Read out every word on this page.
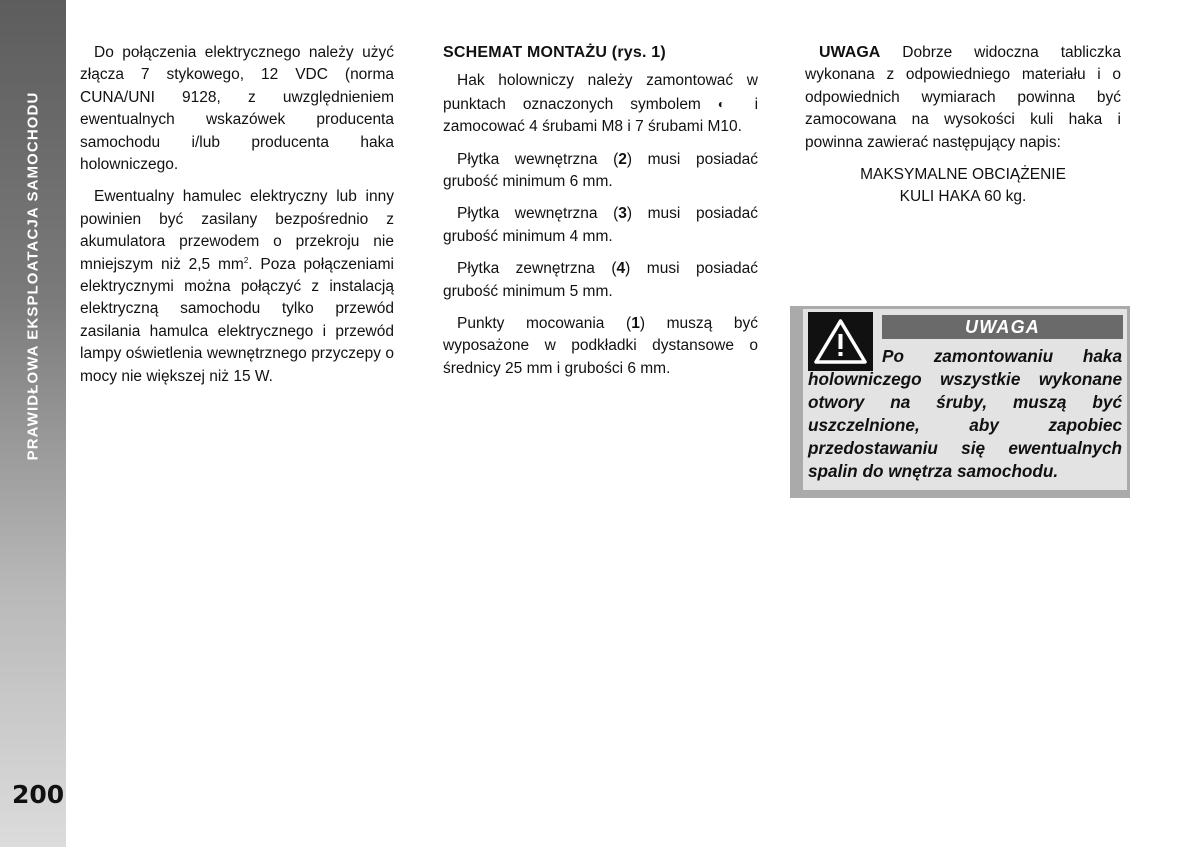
PRAWIDŁOWA EKSPLOATACJA SAMOCHODU
200

Do połączenia elektrycznego należy użyć złącza 7 stykowego, 12 VDC (norma CUNA/UNI 9128, z uwzględnieniem ewentualnych wskazówek producenta samochodu i/lub producenta haka holowniczego.

Ewentualny hamulec elektryczny lub inny powinien być zasilany bezpośrednio z akumulatora przewodem o przekroju nie mniejszym niż 2,5 $mm^2$. Poza połączeniami elektrycznymi można połączyć z instalacją elektryczną samochodu tylko przewód zasilania hamulca elektrycznego i przewód lampy oświetlenia wewnętrznego przyczepy o mocy nie większej niż 15 W.

SCHEMAT MONTAŻU (rys. 1)

Hak holowniczy należy zamontować w punktach oznaczonych symbolem ◐ i zamocować 4 śrubami M8 i 7 śrubami M10.

Płytka wewnętrzna (2) musi posiadać grubość minimum 6 mm.

Płytka wewnętrzna (3) musi posiadać grubość minimum 4 mm.

Płytka zewnętrzna (4) musi posiadać grubość minimum 5 mm.

Punkty mocowania (1) muszą być wyposażone w podkładki dystansowe o średnicy 25 mm i grubości 6 mm.

UWAGA Dobrze widoczna tabliczka wykonana z odpowiedniego materiału i o odpowiednich wymiarach powinna być zamocowana na wysokości kuli haka i powinna zawierać następujący napis:

MAKSYMALNE OBCIĄŻENIE
KULI HAKA 60 kg.
UWAGA
Po zamontowaniu haka holowniczego wszystkie wykonane otwory na śruby, muszą być uszczelnione, aby zapobiec przedostawaniu się ewentualnych spalin do wnętrza samochodu.
